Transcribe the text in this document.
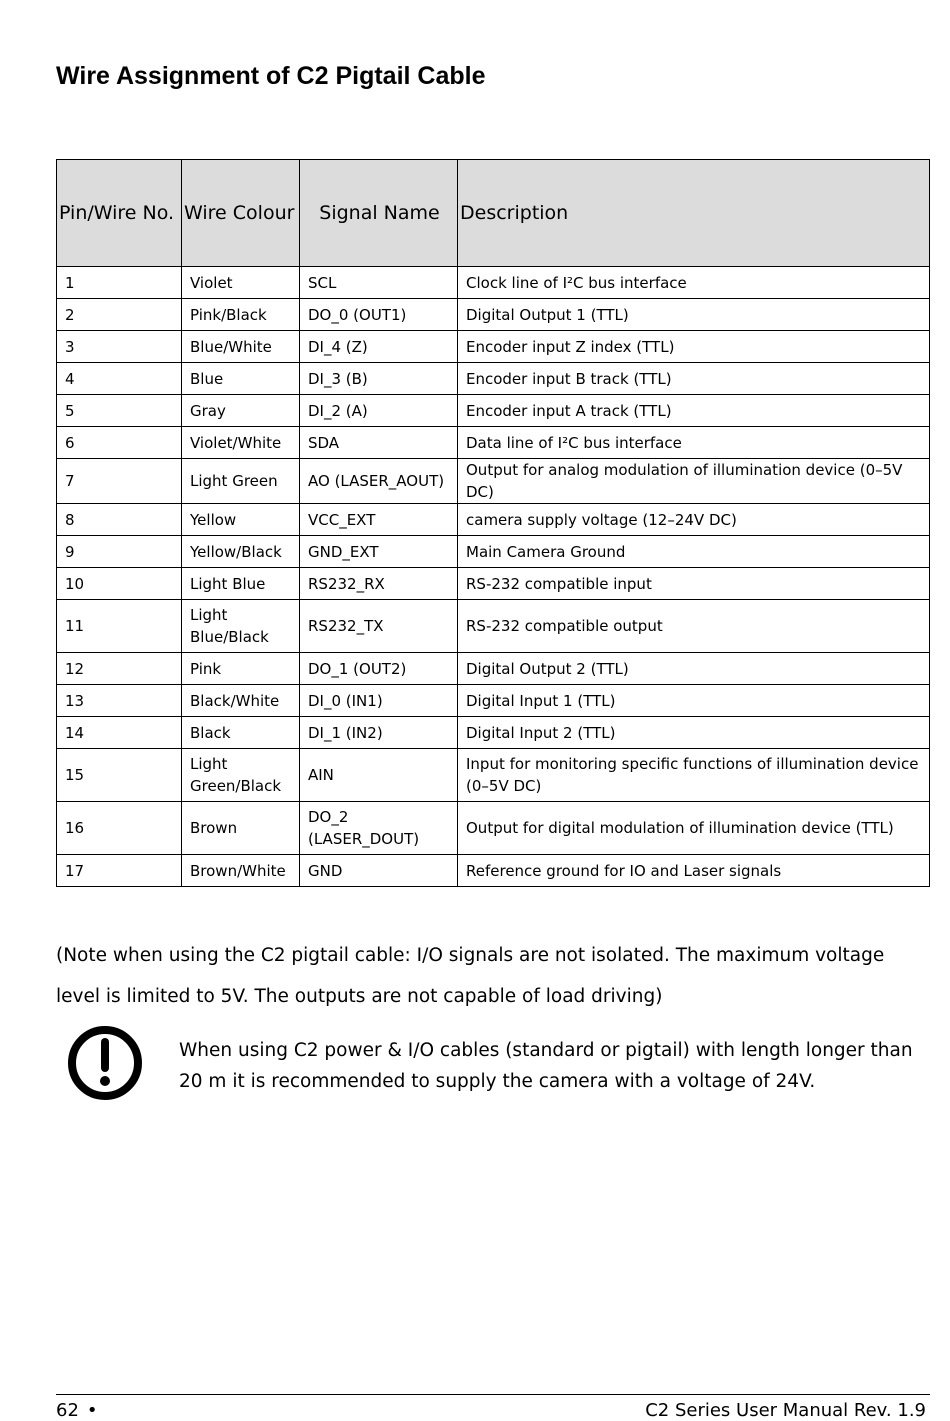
Wire Assignment of C2 Pigtail Cable
Pin/Wire No.	Wire Colour	Signal Name	Description
1	Violet	SCL	Clock line of I²C bus interface
2	Pink/Black	DO_0 (OUT1)	Digital Output 1 (TTL)
3	Blue/White	DI_4 (Z)	Encoder input Z index (TTL)
4	Blue	DI_3 (B)	Encoder input B track (TTL)
5	Gray	DI_2 (A)	Encoder input A track (TTL)
6	Violet/White	SDA	Data line of I²C bus interface
7	Light Green	AO (LASER_AOUT)	Output for analog modulation of illumination device (0–5V DC)
8	Yellow	VCC_EXT	camera supply voltage (12–24V DC)
9	Yellow/Black	GND_EXT	Main Camera Ground
10	Light Blue	RS232_RX	RS-232 compatible input
11	Light Blue/Black	RS232_TX	RS-232 compatible output
12	Pink	DO_1 (OUT2)	Digital Output 2 (TTL)
13	Black/White	DI_0 (IN1)	Digital Input 1 (TTL)
14	Black	DI_1 (IN2)	Digital Input 2 (TTL)
15	Light Green/Black	AIN	Input for monitoring specific functions of illumination device (0–5V DC)
16	Brown	DO_2 (LASER_DOUT)	Output for digital modulation of illumination device (TTL)
17	Brown/White	GND	Reference ground for IO and Laser signals

(Note when using the C2 pigtail cable: I/O signals are not isolated. The maximum voltage level is limited to 5V. The outputs are not capable of load driving)

When using C2 power & I/O cables (standard or pigtail) with length longer than 20 m it is recommended to supply the camera with a voltage of 24V.

62 •	C2 Series User Manual Rev. 1.9
